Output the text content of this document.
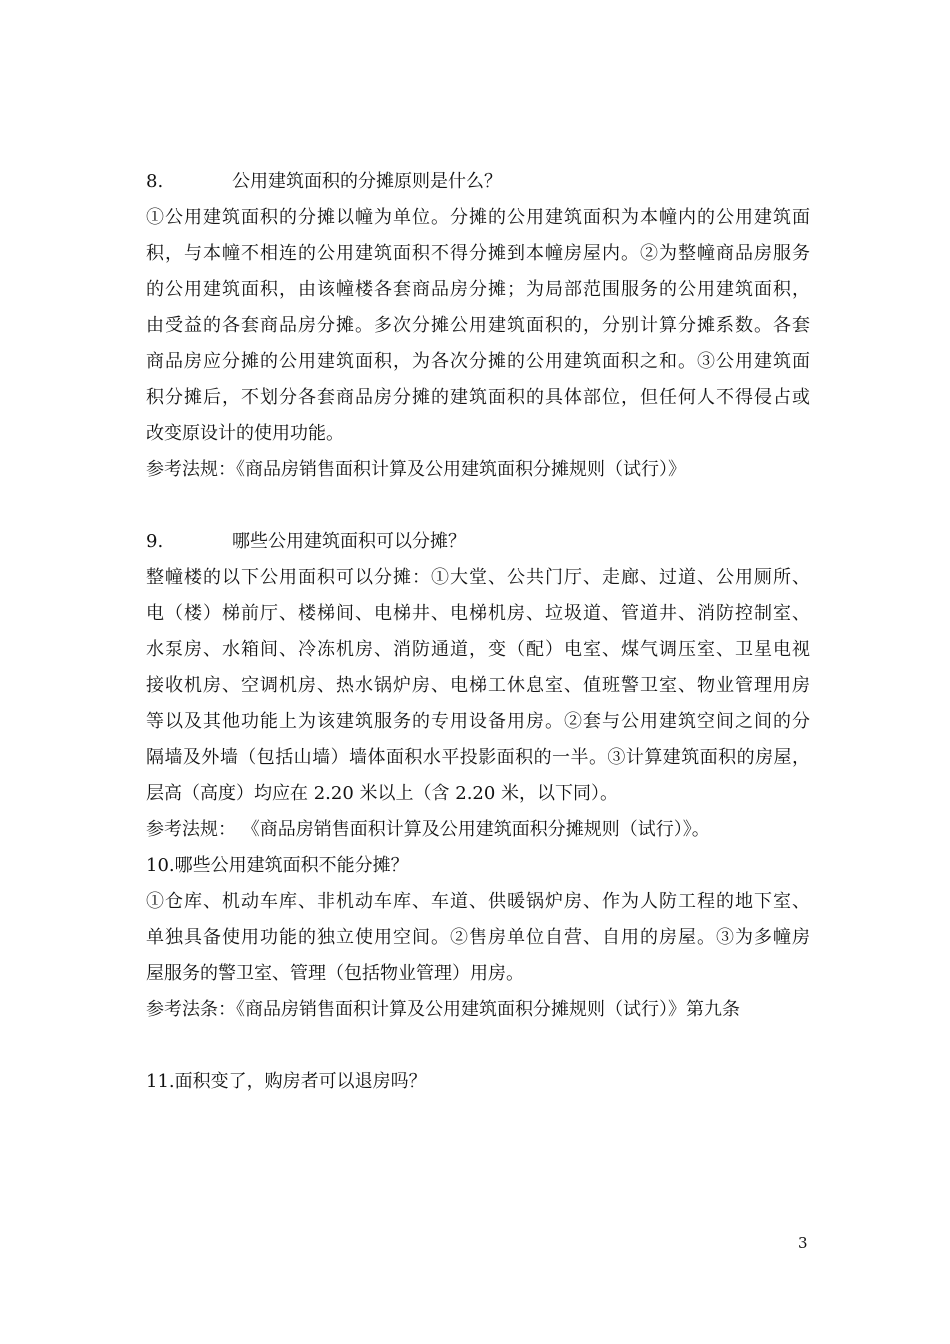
8.	公用建筑面积的分摊原则是什么？
①公用建筑面积的分摊以幢为单位。分摊的公用建筑面积为本幢内的公用建筑面
积，与本幢不相连的公用建筑面积不得分摊到本幢房屋内。②为整幢商品房服务
的公用建筑面积，由该幢楼各套商品房分摊；为局部范围服务的公用建筑面积，
由受益的各套商品房分摊。多次分摊公用建筑面积的，分别计算分摊系数。各套
商品房应分摊的公用建筑面积，为各次分摊的公用建筑面积之和。③公用建筑面
积分摊后，不划分各套商品房分摊的建筑面积的具体部位，但任何人不得侵占或
改变原设计的使用功能。
参考法规：《商品房销售面积计算及公用建筑面积分摊规则（试行）》
9.	哪些公用建筑面积可以分摊？
整幢楼的以下公用面积可以分摊：①大堂、公共门厅、走廊、过道、公用厕所、
电（楼）梯前厅、楼梯间、电梯井、电梯机房、垃圾道、管道井、消防控制室、
水泵房、水箱间、冷冻机房、消防通道，变（配）电室、煤气调压室、卫星电视
接收机房、空调机房、热水锅炉房、电梯工休息室、值班警卫室、物业管理用房
等以及其他功能上为该建筑服务的专用设备用房。②套与公用建筑空间之间的分
隔墙及外墙（包括山墙）墙体面积水平投影面积的一半。③计算建筑面积的房屋，
层高（高度）均应在 2.20 米以上（含 2.20 米，以下同）。
参考法规： 《商品房销售面积计算及公用建筑面积分摊规则（试行）》。
10.哪些公用建筑面积不能分摊？
①仓库、机动车库、非机动车库、车道、供暖锅炉房、作为人防工程的地下室、
单独具备使用功能的独立使用空间。②售房单位自营、自用的房屋。③为多幢房
屋服务的警卫室、管理（包括物业管理）用房。
参考法条：《商品房销售面积计算及公用建筑面积分摊规则（试行）》第九条
11.面积变了，购房者可以退房吗？
3
